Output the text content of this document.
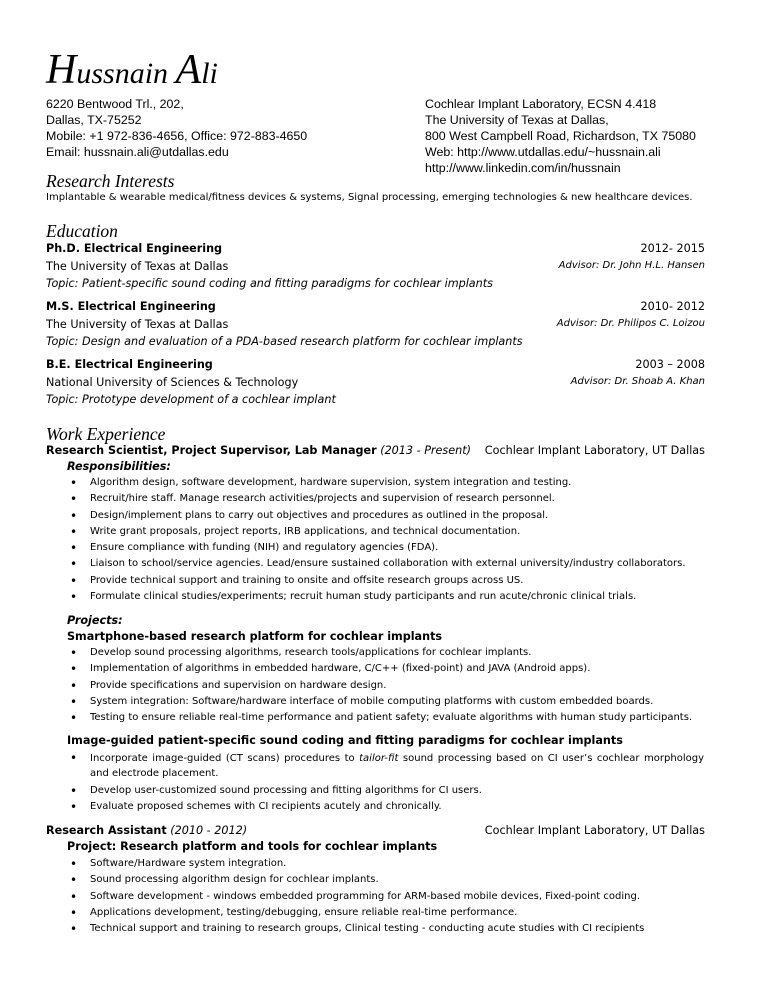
Hussnain Ali
6220 Bentwood Trl., 202,
Dallas, TX-75252
Mobile: +1 972-836-4656, Office: 972-883-4650
Email: hussnain.ali@utdallas.edu
Cochlear Implant Laboratory, ECSN 4.418
The University of Texas at Dallas,
800 West Campbell Road, Richardson, TX 75080
Web: http://www.utdallas.edu/~hussnain.ali
http://www.linkedin.com/in/hussnain
Research Interests
Implantable & wearable medical/fitness devices & systems, Signal processing, emerging technologies & new healthcare devices.
Education
Ph.D. Electrical Engineering	2012- 2015
The University of Texas at Dallas	Advisor: Dr. John H.L. Hansen
Topic: Patient-specific sound coding and fitting paradigms for cochlear implants
M.S. Electrical Engineering	2010- 2012
The University of Texas at Dallas	Advisor: Dr. Philipos C. Loizou
Topic: Design and evaluation of a PDA-based research platform for cochlear implants
B.E. Electrical Engineering	2003 – 2008
National University of Sciences & Technology	Advisor: Dr. Shoab A. Khan
Topic: Prototype development of a cochlear implant
Work Experience
Research Scientist, Project Supervisor, Lab Manager (2013 - Present) Cochlear Implant Laboratory, UT Dallas
Responsibilities:
• Algorithm design, software development, hardware supervision, system integration and testing.
• Recruit/hire staff. Manage research activities/projects and supervision of research personnel.
• Design/implement plans to carry out objectives and procedures as outlined in the proposal.
• Write grant proposals, project reports, IRB applications, and technical documentation.
• Ensure compliance with funding (NIH) and regulatory agencies (FDA).
• Liaison to school/service agencies. Lead/ensure sustained collaboration with external university/industry collaborators.
• Provide technical support and training to onsite and offsite research groups across US.
• Formulate clinical studies/experiments; recruit human study participants and run acute/chronic clinical trials.
Projects:
Smartphone-based research platform for cochlear implants
• Develop sound processing algorithms, research tools/applications for cochlear implants.
• Implementation of algorithms in embedded hardware, C/C++ (fixed-point) and JAVA (Android apps).
• Provide specifications and supervision on hardware design.
• System integration: Software/hardware interface of mobile computing platforms with custom embedded boards.
• Testing to ensure reliable real-time performance and patient safety; evaluate algorithms with human study participants.
Image-guided patient-specific sound coding and fitting paradigms for cochlear implants
• Incorporate image-guided (CT scans) procedures to tailor-fit sound processing based on CI user’s cochlear morphology and electrode placement.
• Develop user-customized sound processing and fitting algorithms for CI users.
• Evaluate proposed schemes with CI recipients acutely and chronically.
Research Assistant (2010 - 2012)	Cochlear Implant Laboratory, UT Dallas
Project: Research platform and tools for cochlear implants
• Software/Hardware system integration.
• Sound processing algorithm design for cochlear implants.
• Software development - windows embedded programming for ARM-based mobile devices, Fixed-point coding.
• Applications development, testing/debugging, ensure reliable real-time performance.
• Technical support and training to research groups, Clinical testing - conducting acute studies with CI recipients
